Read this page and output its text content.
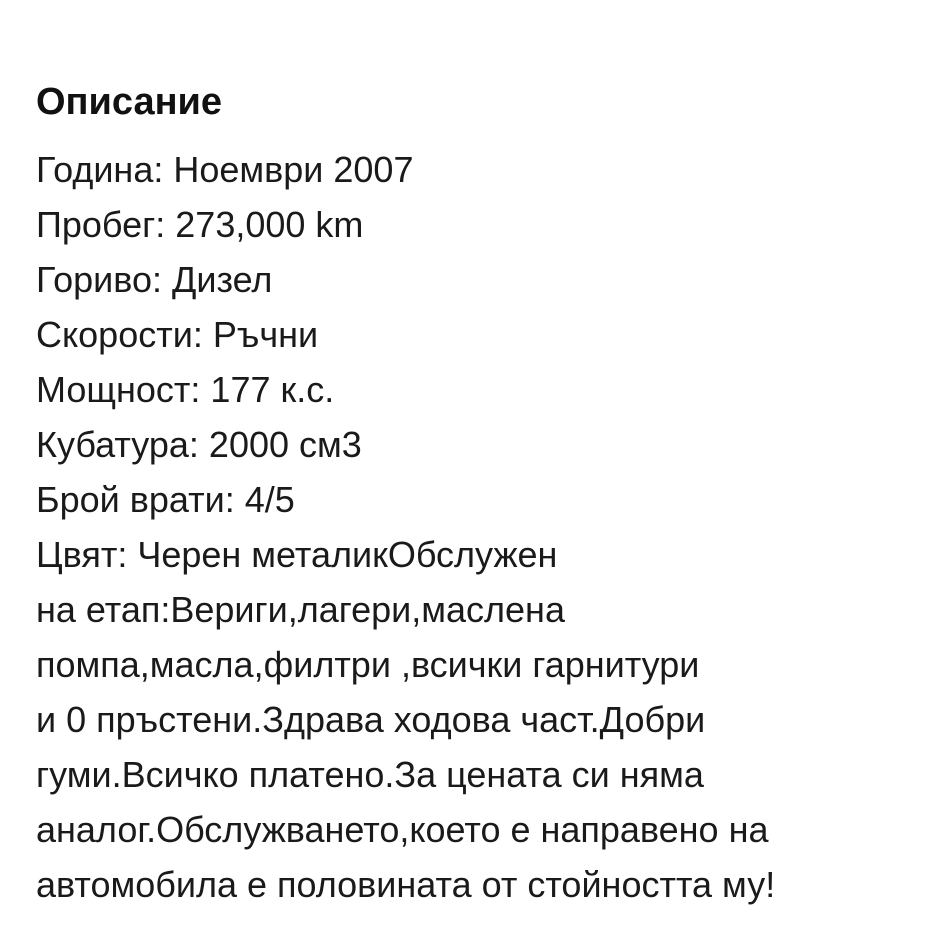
Описание
Година: Ноември 2007
Пробег: 273,000 km
Гориво: Дизел
Скорости: Ръчни
Мощност: 177 к.с.
Кубатура: 2000 см3
Брой врати: 4/5
Цвят: Черен металикОбслужен
на етап:Вериги,лагери,маслена
помпа,масла,филтри ,всички гарнитури
и 0 пръстени.Здрава ходова част.Добри
гуми.Всичко платено.За цената си няма
аналог.Обслужването,което е направено на
автомобила е половината от стойността му!
